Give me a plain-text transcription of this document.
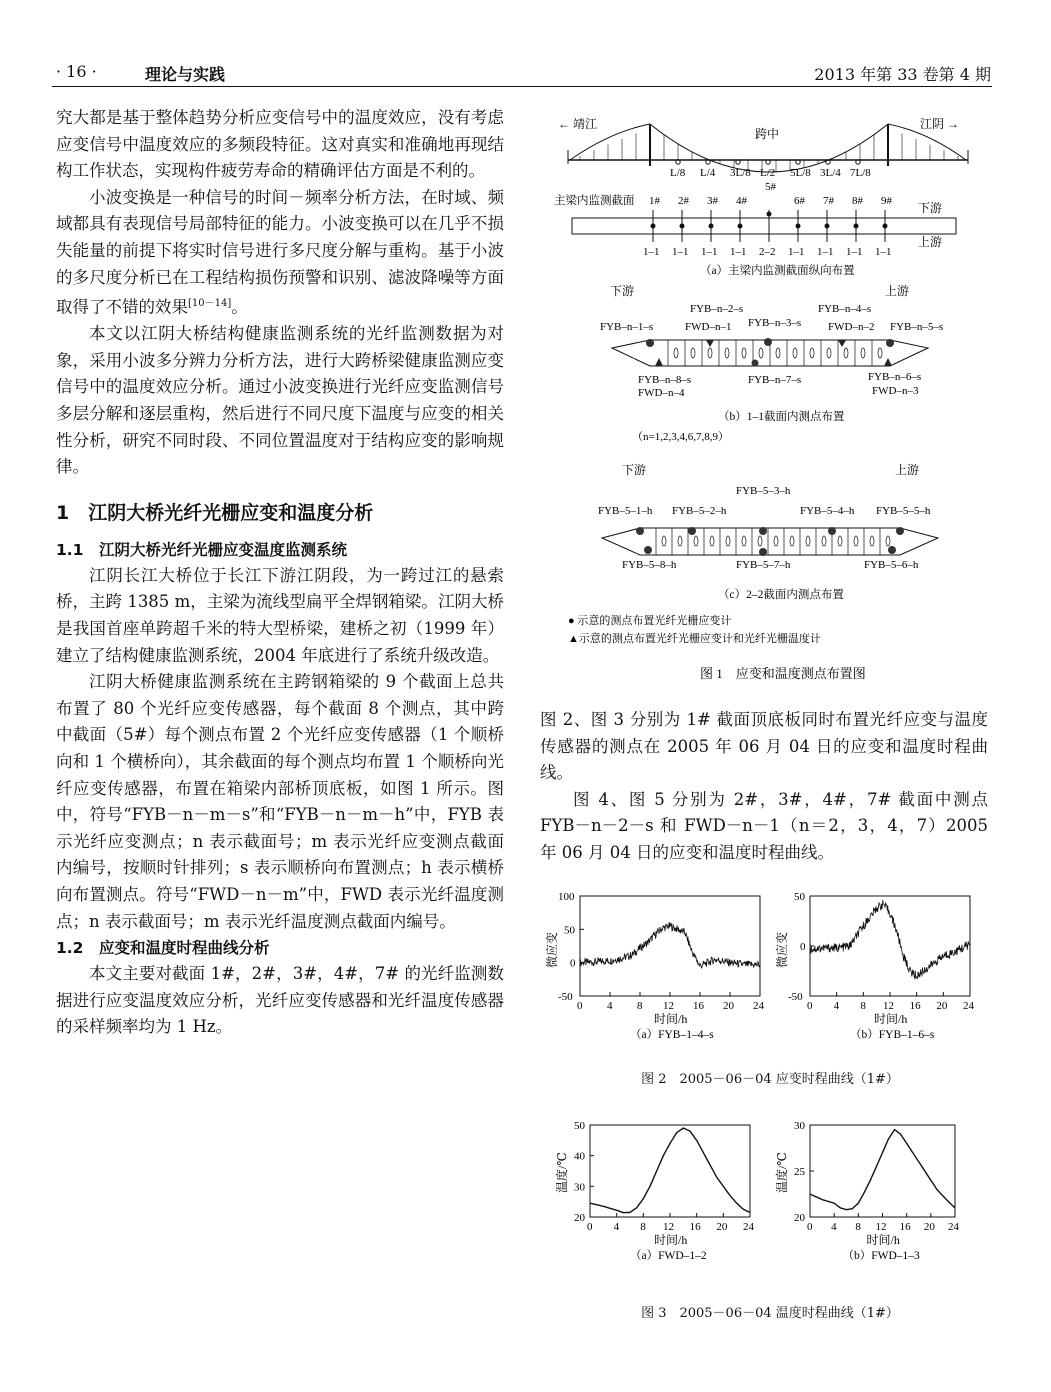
· 16 ·	理论与实践	2013 年第 33 卷第 4 期

究大都是基于整体趋势分析应变信号中的温度效应，没有考虑应变信号中温度效应的多频段特征。这对真实和准确地再现结构工作状态，实现构件疲劳寿命的精确评估方面是不利的。

小波变换是一种信号的时间－频率分析方法，在时域、频域都具有表现信号局部特征的能力。小波变换可以在几乎不损失能量的前提下将实时信号进行多尺度分解与重构。基于小波的多尺度分析已在工程结构损伤预警和识别、滤波降噪等方面取得了不错的效果[10－14]。

本文以江阴大桥结构健康监测系统的光纤监测数据为对象，采用小波多分辨力分析方法，进行大跨桥梁健康监测应变信号中的温度效应分析。通过小波变换进行光纤应变监测信号多层分解和逐层重构，然后进行不同尺度下温度与应变的相关性分析，研究不同时段、不同位置温度对于结构应变的影响规律。

1　江阴大桥光纤光栅应变和温度分析
1.1　江阴大桥光纤光栅应变温度监测系统

江阴长江大桥位于长江下游江阴段，为一跨过江的悬索桥，主跨 1385 m，主梁为流线型扁平全焊钢箱梁。江阴大桥是我国首座单跨超千米的特大型桥梁，建桥之初（1999 年）建立了结构健康监测系统，2004 年底进行了系统升级改造。

江阴大桥健康监测系统在主跨钢箱梁的 9 个截面上总共布置了 80 个光纤应变传感器，每个截面 8 个测点，其中跨中截面（5#）每个测点布置 2 个光纤应变传感器（1 个顺桥向和 1 个横桥向），其余截面的每个测点均布置 1 个顺桥向光纤应变传感器，布置在箱梁内部桥顶底板，如图 1 所示。图中，符号“FYB－n－m－s”和“FYB－n－m－h”中，FYB 表示光纤应变测点；n 表示截面号；m 表示光纤应变测点截面内编号，按顺时针排列；s 表示顺桥向布置测点；h 表示横桥向布置测点。符号“FWD－n－m”中，FWD 表示光纤温度测点；n 表示截面号；m 表示光纤温度测点截面内编号。

1.2　应变和温度时程曲线分析

本文主要对截面 1#，2#，3#，4#，7# 的光纤监测数据进行应变温度效应分析，光纤应变传感器和光纤温度传感器的采样频率均为 1 Hz。

← 靖江	江阴 →
跨中
L/8 L/4 3L/8 L/2 5L/8 3L/4 7L/8
主梁内监测截面	下游
上游
1#
1–1
2#
1–1
3#
1–1
4#
1–1
5#
2–2
6#
1–1
7#
1–1
8#
1–1
9#
1–1
（a）主梁内监测截面纵向布置
下游	上游
FYB–n–2–s	FYB–n–4–s
FYB–n–1–s	FWD–n–1 FYB–n–3–s FWD–n–2 FYB–n–5–s
FYB–n–8–s
FWD–n–4
FYB–n–7–s	FYB–n–6–s
FWD–n–3
（b）1–1截面内测点布置
（n=1,2,3,4,6,7,8,9）
下游	上游
FYB–5–3–h
FYB–5–1–h FYB–5–2–h	FYB–5–4–h FYB–5–5–h
FYB–5–8–h	FYB–5–7–h	FYB–5–6–h
（c）2–2截面内测点布置
● 示意的测点布置光纤光栅应变计
▲示意的测点布置光纤光栅应变计和光纤光栅温度计
图 1　应变和温度测点布置图

图 2、图 3 分别为 1# 截面顶底板同时布置光纤应变与温度传感器的测点在 2005 年 06 月 04 日的应变和温度时程曲线。

图 4、图 5 分别为 2#，3#，4#，7# 截面中测点 FYB－n－2－s 和 FWD－n－1（n＝2，3，4，7）2005 年 06 月 04 日的应变和温度时程曲线。

0 4 8 12 16 20 24
-50
0
50
100
时间/h
微应变
（a）FYB–1–4–s
0 4 8 12 16 20 24
-50
0
50
时间/h
微应变
（b）FYB–1–6–s
0 4 8 12 16 20 24
20
30
40
50
时间/h
温度/℃
（a）FWD–1–2
0 4 8 12 16 20 24
20
25
30
时间/h
温度/℃
（b）FWD–1–3
图 2　2005－06－04 应变时程曲线（1#）
图 3　2005－06－04 温度时程曲线（1#）
